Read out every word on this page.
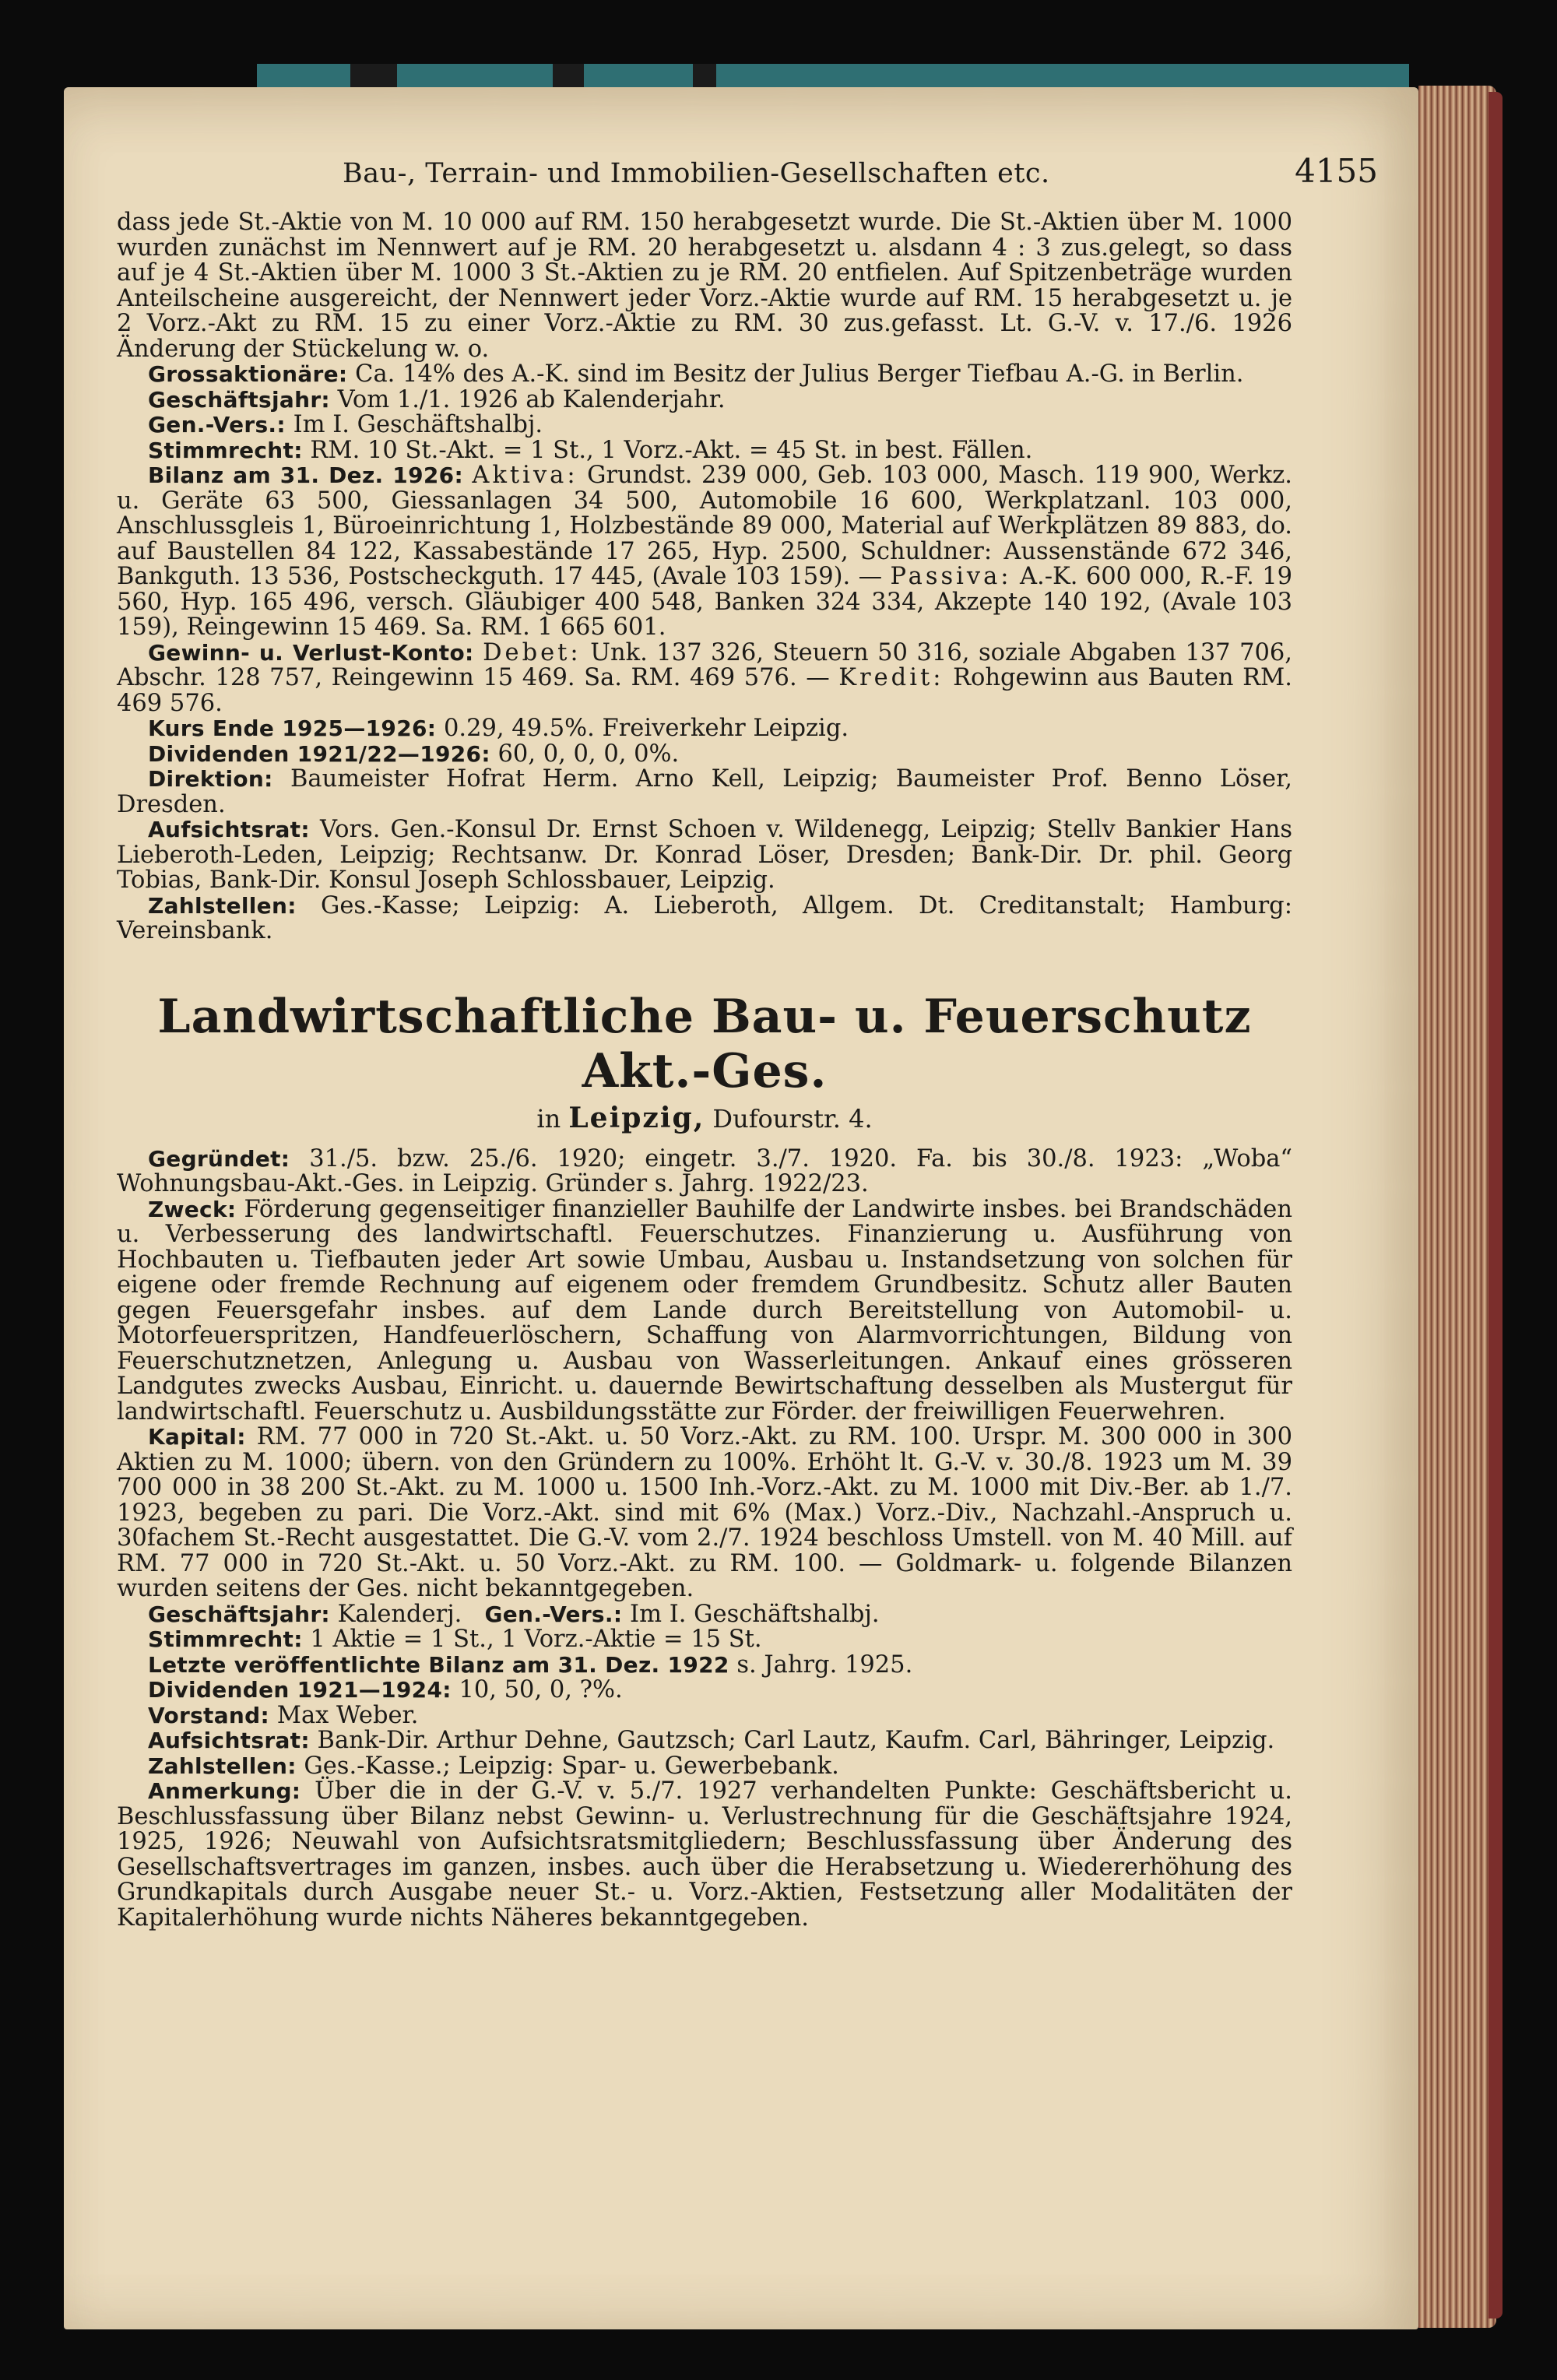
Bau-, Terrain- und Immobilien-Gesellschaften etc.	4155

dass jede St.-Aktie von M. 10 000 auf RM. 150 herabgesetzt wurde. Die St.-Aktien über M. 1000 wurden zunächst im Nennwert auf je RM. 20 herabgesetzt u. alsdann 4 : 3 zus.gelegt, so dass auf je 4 St.-Aktien über M. 1000 3 St.-Aktien zu je RM. 20 entfielen. Auf Spitzenbeträge wurden Anteilscheine ausgereicht, der Nennwert jeder Vorz.-Aktie wurde auf RM. 15 herabgesetzt u. je 2 Vorz.-Akt zu RM. 15 zu einer Vorz.-Aktie zu RM. 30 zus.gefasst. Lt. G.-V. v. 17./6. 1926 Änderung der Stückelung w. o.

Grossaktionäre: Ca. 14% des A.-K. sind im Besitz der Julius Berger Tiefbau A.-G. in Berlin.

Geschäftsjahr: Vom 1./1. 1926 ab Kalenderjahr.

Gen.-Vers.: Im I. Geschäftshalbj.

Stimmrecht: RM. 10 St.-Akt. = 1 St., 1 Vorz.-Akt. = 45 St. in best. Fällen.

Bilanz am 31. Dez. 1926: Aktiva: Grundst. 239 000, Geb. 103 000, Masch. 119 900, Werkz. u. Geräte 63 500, Giessanlagen 34 500, Automobile 16 600, Werkplatzanl. 103 000, Anschlussgleis 1, Büroeinrichtung 1, Holzbestände 89 000, Material auf Werkplätzen 89 883, do. auf Baustellen 84 122, Kassabestände 17 265, Hyp. 2500, Schuldner: Aussenstände 672 346, Bankguth. 13 536, Postscheckguth. 17 445, (Avale 103 159). — Passiva: A.-K. 600 000, R.-F. 19 560, Hyp. 165 496, versch. Gläubiger 400 548, Banken 324 334, Akzepte 140 192, (Avale 103 159), Reingewinn 15 469. Sa. RM. 1 665 601.

Gewinn- u. Verlust-Konto: Debet: Unk. 137 326, Steuern 50 316, soziale Abgaben 137 706, Abschr. 128 757, Reingewinn 15 469. Sa. RM. 469 576. — Kredit: Rohgewinn aus Bauten RM. 469 576.

Kurs Ende 1925—1926: 0.29, 49.5%. Freiverkehr Leipzig.

Dividenden 1921/22—1926: 60, 0, 0, 0, 0%.

Direktion: Baumeister Hofrat Herm. Arno Kell, Leipzig; Baumeister Prof. Benno Löser, Dresden.

Aufsichtsrat: Vors. Gen.-Konsul Dr. Ernst Schoen v. Wildenegg, Leipzig; Stellv Bankier Hans Lieberoth-Leden, Leipzig; Rechtsanw. Dr. Konrad Löser, Dresden; Bank-Dir. Dr. phil. Georg Tobias, Bank-Dir. Konsul Joseph Schlossbauer, Leipzig.

Zahlstellen: Ges.-Kasse; Leipzig: A. Lieberoth, Allgem. Dt. Creditanstalt; Hamburg: Vereinsbank.

Landwirtschaftliche Bau- u. Feuerschutz Akt.-Ges.
in Leipzig, Dufourstr. 4.

Gegründet: 31./5. bzw. 25./6. 1920; eingetr. 3./7. 1920. Fa. bis 30./8. 1923: „Woba“ Wohnungsbau-Akt.-Ges. in Leipzig. Gründer s. Jahrg. 1922/23.

Zweck: Förderung gegenseitiger finanzieller Bauhilfe der Landwirte insbes. bei Brandschäden u. Verbesserung des landwirtschaftl. Feuerschutzes. Finanzierung u. Ausführung von Hochbauten u. Tiefbauten jeder Art sowie Umbau, Ausbau u. Instandsetzung von solchen für eigene oder fremde Rechnung auf eigenem oder fremdem Grundbesitz. Schutz aller Bauten gegen Feuersgefahr insbes. auf dem Lande durch Bereitstellung von Automobil- u. Motorfeuerspritzen, Handfeuerlöschern, Schaffung von Alarmvorrichtungen, Bildung von Feuerschutznetzen, Anlegung u. Ausbau von Wasserleitungen. Ankauf eines grösseren Landgutes zwecks Ausbau, Einricht. u. dauernde Bewirtschaftung desselben als Mustergut für landwirtschaftl. Feuerschutz u. Ausbildungsstätte zur Förder. der freiwilligen Feuerwehren.

Kapital: RM. 77 000 in 720 St.-Akt. u. 50 Vorz.-Akt. zu RM. 100. Urspr. M. 300 000 in 300 Aktien zu M. 1000; übern. von den Gründern zu 100%. Erhöht lt. G.-V. v. 30./8. 1923 um M. 39 700 000 in 38 200 St.-Akt. zu M. 1000 u. 1500 Inh.-Vorz.-Akt. zu M. 1000 mit Div.-Ber. ab 1./7. 1923, begeben zu pari. Die Vorz.-Akt. sind mit 6% (Max.) Vorz.-Div., Nachzahl.-Anspruch u. 30fachem St.-Recht ausgestattet. Die G.-V. vom 2./7. 1924 beschloss Umstell. von M. 40 Mill. auf RM. 77 000 in 720 St.-Akt. u. 50 Vorz.-Akt. zu RM. 100. — Goldmark- u. folgende Bilanzen wurden seitens der Ges. nicht bekanntgegeben.

Geschäftsjahr: Kalenderj. Gen.-Vers.: Im I. Geschäftshalbj.

Stimmrecht: 1 Aktie = 1 St., 1 Vorz.-Aktie = 15 St.

Letzte veröffentlichte Bilanz am 31. Dez. 1922 s. Jahrg. 1925.

Dividenden 1921—1924: 10, 50, 0, ?%.

Vorstand: Max Weber.

Aufsichtsrat: Bank-Dir. Arthur Dehne, Gautzsch; Carl Lautz, Kaufm. Carl, Bähringer, Leipzig.

Zahlstellen: Ges.-Kasse.; Leipzig: Spar- u. Gewerbebank.

Anmerkung: Über die in der G.-V. v. 5./7. 1927 verhandelten Punkte: Geschäftsbericht u. Beschlussfassung über Bilanz nebst Gewinn- u. Verlustrechnung für die Geschäftsjahre 1924, 1925, 1926; Neuwahl von Aufsichtsratsmitgliedern; Beschlussfassung über Änderung des Gesellschaftsvertrages im ganzen, insbes. auch über die Herabsetzung u. Wiedererhöhung des Grundkapitals durch Ausgabe neuer St.- u. Vorz.-Aktien, Festsetzung aller Modalitäten der Kapitalerhöhung wurde nichts Näheres bekanntgegeben.
